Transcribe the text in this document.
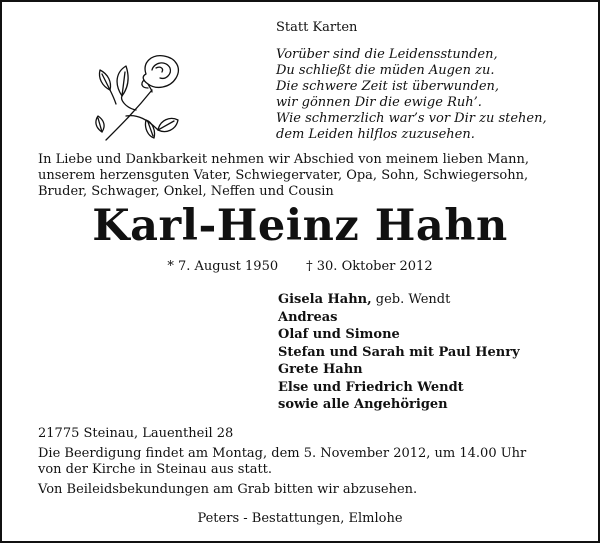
Statt Karten
Vorüber sind die Leidensstunden,
Du schließt die müden Augen zu.
Die schwere Zeit ist überwunden,
wir gönnen Dir die ewige Ruh’.
Wie schmerzlich war’s vor Dir zu stehen,
dem Leiden hilflos zuzusehen.
In Liebe und Dankbarkeit nehmen wir Abschied von meinem lieben Mann,
unserem herzensguten Vater, Schwiegervater, Opa, Sohn, Schwiegersohn,
Bruder, Schwager, Onkel, Neffen und Cousin
Karl-Heinz Hahn
* 7. August 1950 † 30. Oktober 2012
Gisela Hahn, geb. Wendt
Andreas
Olaf und Simone
Stefan und Sarah mit Paul Henry
Grete Hahn
Else und Friedrich Wendt
sowie alle Angehörigen
21775 Steinau, Lauentheil 28
Die Beerdigung findet am Montag, dem 5. November 2012, um 14.00 Uhr
von der Kirche in Steinau aus statt.
Von Beileidsbekundungen am Grab bitten wir abzusehen.
Peters - Bestattungen, Elmlohe
